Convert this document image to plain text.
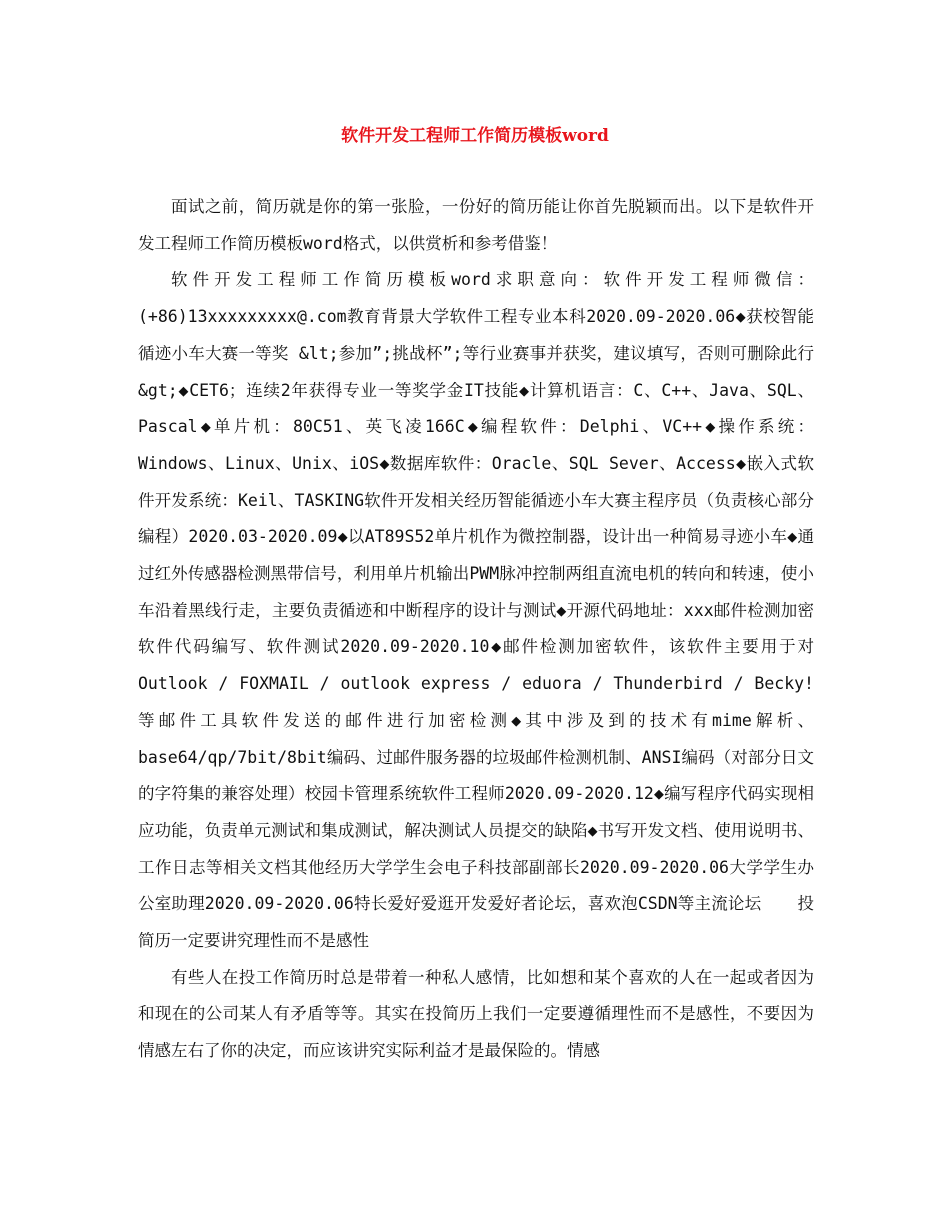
软件开发工程师工作简历模板word

面试之前，简历就是你的第一张脸，一份好的简历能让你首先脱颖而出。以下是软件开发工程师工作简历模板word格式，以供赏析和参考借鉴！

软件开发工程师工作简历模板word求职意向：软件开发工程师微信：(+86)13xxxxxxxxx@.com教育背景大学软件工程专业本科2020.09-2020.06◆获校智能循迹小车大赛一等奖 &lt;参加”;挑战杯”;等行业赛事并获奖，建议填写，否则可删除此行&gt;◆CET6；连续2年获得专业一等奖学金IT技能◆计算机语言：C、C++、Java、SQL、Pascal◆单片机：80C51、英飞凌166C◆编程软件：Delphi、VC++◆操作系统：Windows、Linux、Unix、iOS◆数据库软件：Oracle、SQL Sever、Access◆嵌入式软件开发系统：Keil、TASKING软件开发相关经历智能循迹小车大赛主程序员（负责核心部分编程）2020.03-2020.09◆以AT89S52单片机作为微控制器，设计出一种简易寻迹小车◆通过红外传感器检测黑带信号，利用单片机输出PWM脉冲控制两组直流电机的转向和转速，使小车沿着黑线行走，主要负责循迹和中断程序的设计与测试◆开源代码地址：xxx邮件检测加密软件代码编写、软件测试2020.09-2020.10◆邮件检测加密软件，该软件主要用于对Outlook / FOXMAIL / outlook express / eduora / Thunderbird / Becky! 等邮件工具软件发送的邮件进行加密检测◆其中涉及到的技术有mime解析、base64/qp/7bit/8bit编码、过邮件服务器的垃圾邮件检测机制、ANSI编码（对部分日文的字符集的兼容处理）校园卡管理系统软件工程师2020.09-2020.12◆编写程序代码实现相应功能，负责单元测试和集成测试，解决测试人员提交的缺陷◆书写开发文档、使用说明书、工作日志等相关文档其他经历大学学生会电子科技部副部长2020.09-2020.06大学学生办公室助理2020.09-2020.06特长爱好爱逛开发爱好者论坛，喜欢泡CSDN等主流论坛 投简历一定要讲究理性而不是感性

有些人在投工作简历时总是带着一种私人感情，比如想和某个喜欢的人在一起或者因为和现在的公司某人有矛盾等等。其实在投简历上我们一定要遵循理性而不是感性，不要因为情感左右了你的决定，而应该讲究实际利益才是最保险的。情感
